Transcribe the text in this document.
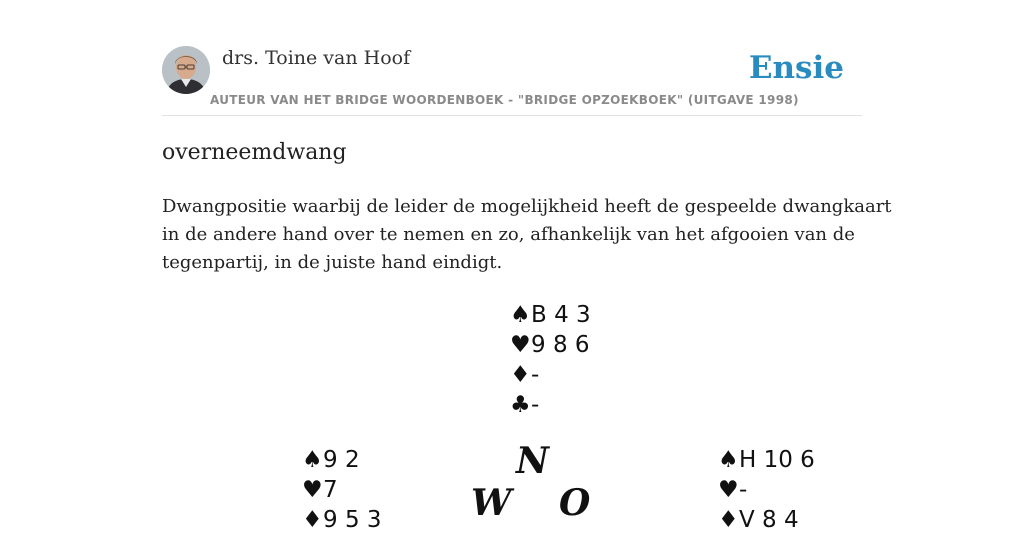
drs. Toine van Hoof
AUTEUR VAN HET BRIDGE WOORDENBOEK - "BRIDGE OPZOEKBOEK" (UITGAVE 1998)
Ensie
overneemdwang
Dwangpositie waarbij de leider de mogelijkheid heeft de gespeelde dwangkaart
in de andere hand over te nemen en zo, afhankelijk van het afgooien van de
tegenpartij, in de juiste hand eindigt.
♠B 4 3
♥9 8 6
♦-
♣-
♠9 2
♥7
♦9 5 3
N
W O
♠H 10 6
♥-
♦V 8 4
